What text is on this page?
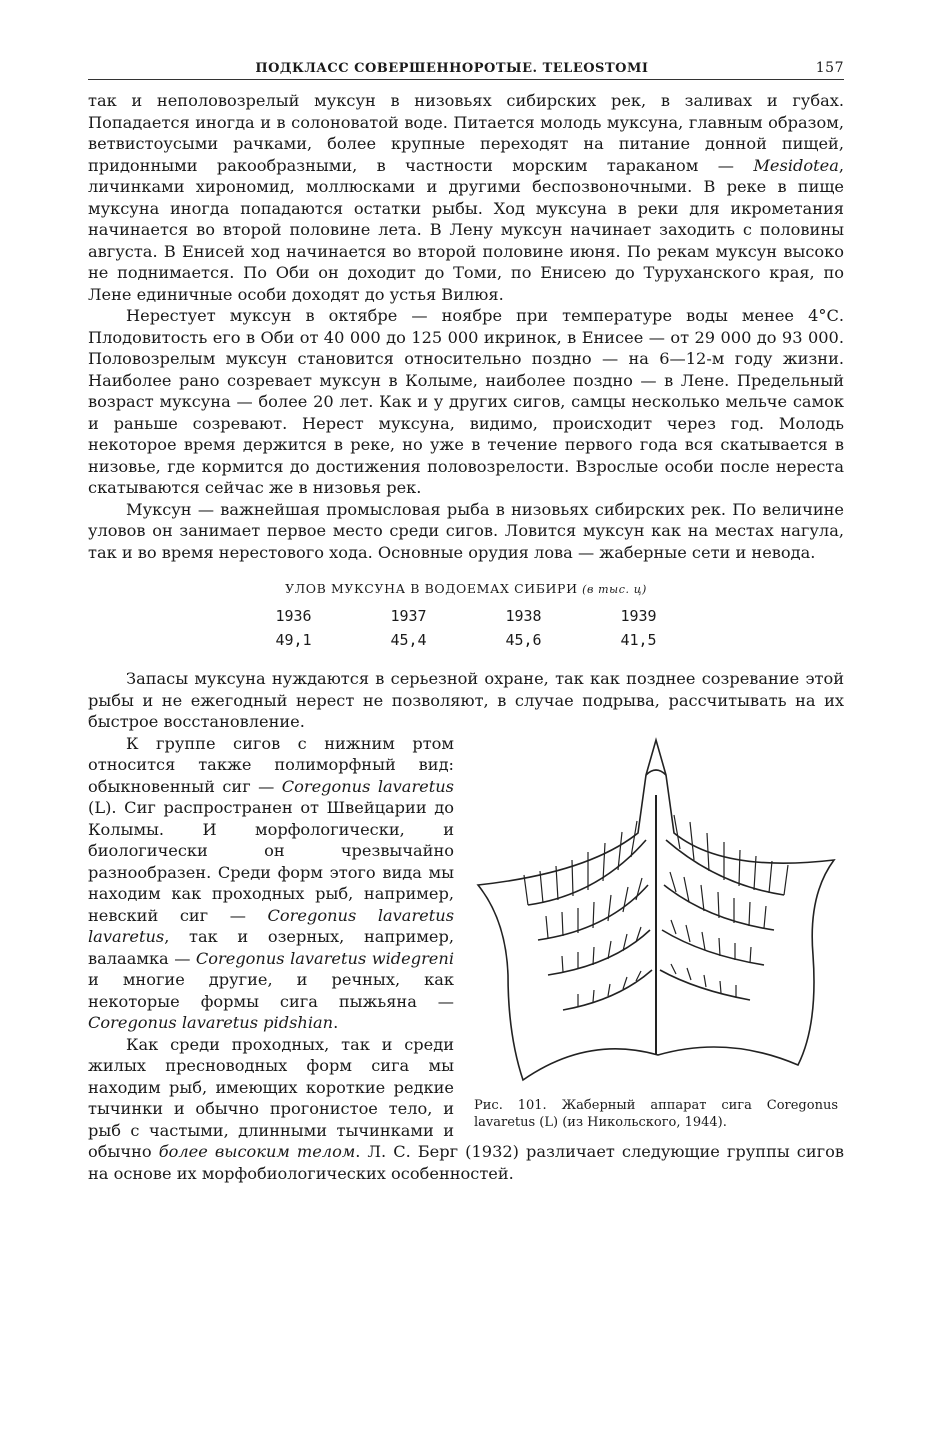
ПОДКЛАСС СОВЕРШЕННОРОТЫЕ. TELEOSTOMI	157

так и неполовозрелый муксун в низовьях сибирских рек, в заливах и губах. Попадается иногда и в солоноватой воде. Питается молодь муксуна, главным образом, ветвистоусыми рачками, более крупные переходят на питание донной пищей, придонными ракообразными, в частности морским тараканом — Mesidotea, личинками хирономид, моллюсками и другими беспозвоночными. В реке в пище муксуна иногда попадаются остатки рыбы. Ход муксуна в реки для икрометания начинается во второй половине лета. В Лену муксун начинает заходить с половины августа. В Енисей ход начинается во второй половине июня. По рекам муксун высоко не поднимается. По Оби он доходит до Томи, по Енисею до Туруханского края, по Лене единичные особи доходят до устья Вилюя.

Нерестует муксун в октябре — ноябре при температуре воды менее 4°С. Плодовитость его в Оби от 40 000 до 125 000 икринок, в Енисее — от 29 000 до 93 000. Половозрелым муксун становится относительно поздно — на 6—12-м году жизни. Наиболее рано созревает муксун в Колыме, наиболее поздно — в Лене. Предельный возраст муксуна — более 20 лет. Как и у других сигов, самцы несколько мельче самок и раньше созревают. Нерест муксуна, видимо, происходит через год. Молодь некоторое время держится в реке, но уже в течение первого года вся скатывается в низовье, где кормится до достижения половозрелости. Взрослые особи после нереста скатываются сейчас же в низовья рек.

Муксун — важнейшая промысловая рыба в низовьях сибирских рек. По величине уловов он занимает первое место среди сигов. Ловится муксун как на местах нагула, так и во время нерестового хода. Основные орудия лова — жаберные сети и невода.

УЛОВ МУКСУНА В ВОДОЕМАХ СИБИРИ (в тыс. ц)
1936	1937	1938	1939
49,1	45,4	45,6	41,5

Запасы муксуна нуждаются в серьезной охране, так как позднее созревание этой рыбы и не ежегодный нерест не позволяют, в случае подрыва, рассчитывать на их быстрое восстановление.

Рис. 101. Жаберный аппарат сига Coregonus lavaretus (L) (из Никольского, 1944).

К группе сигов с нижним ртом относится также полиморфный вид: обыкновенный сиг — Coregonus lavaretus (L). Сиг распространен от Швейцарии до Колымы. И морфологически, и биологически он чрезвычайно разнообразен. Среди форм этого вида мы находим как проходных рыб, например, невский сиг — Coregonus lavaretus lavaretus, так и озерных, например, валаамка — Coregonus lavaretus widegreni и многие другие, и речных, как некоторые формы сига пыжьяна — Coregonus lavaretus pidshian.

Как среди проходных, так и среди жилых пресноводных форм сига мы находим рыб, имеющих короткие редкие тычинки и обычно прогонистое тело, и рыб с частыми, длинными тычинками и обычно более высоким телом. Л. С. Берг (1932) различает следующие группы сигов на основе их морфобиологических особенностей.
